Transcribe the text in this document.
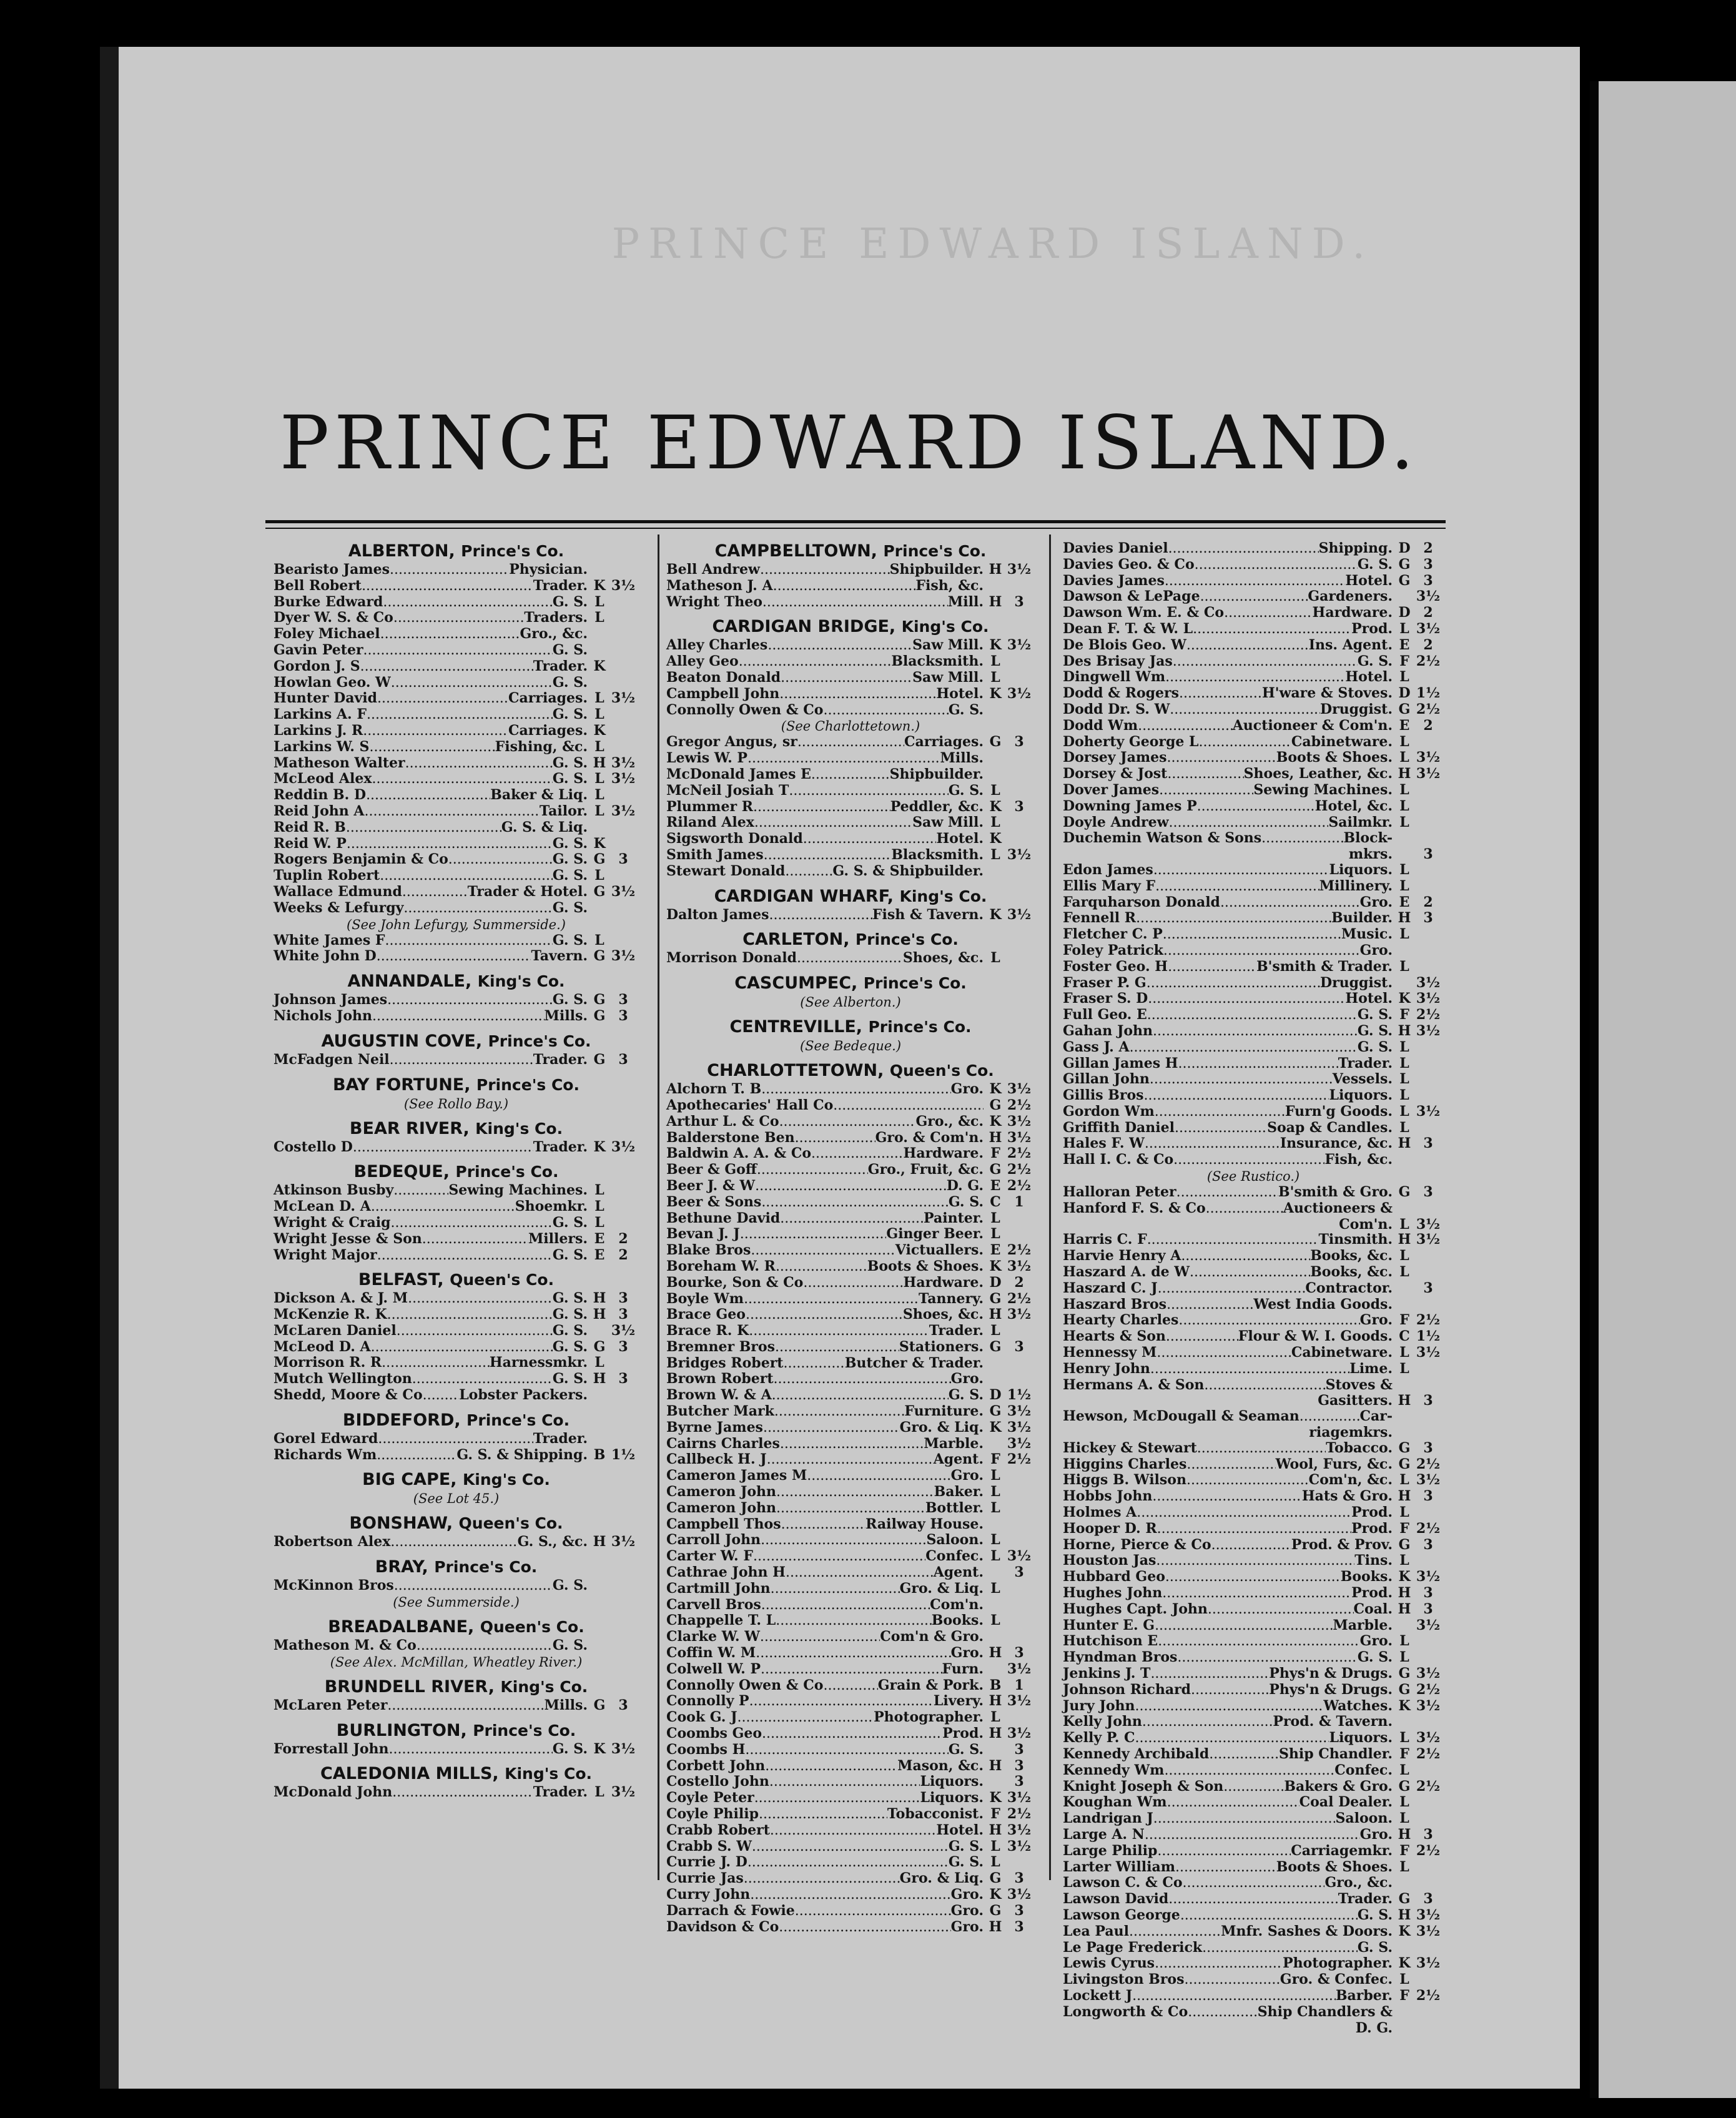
PRINCE EDWARD ISLAND.
PRINCE EDWARD ISLAND.
ALBERTON, Prince's Co.
Bearisto James .....	Physician.
Bell Robert .....	Trader. K 3½
Burke Edward .....	G. S. L
Dyer W. S. & Co .....	Traders. L
Foley Michael .....	Gro., &c.
Gavin Peter .....	G. S.
Gordon J. S .....	Trader. K
Howlan Geo. W .....	G. S.
Hunter David .....	Carriages. L 3½
Larkins A. F .....	G. S. L
Larkins J. R .....	Carriages. K
Larkins W. S .....	Fishing, &c. L
Matheson Walter .....	G. S. H 3½
McLeod Alex .....	G. S. L 3½
Reddin B. D .....	Baker & Liq. L
Reid John A .....	Tailor. L 3½
Reid R. B .....	G. S. & Liq.
Reid W. P .....	G. S. K
Rogers Benjamin & Co .....	G. S. G 3
Tuplin Robert .....	G. S. L
Wallace Edmund .....	Trader & Hotel. G 3½
Weeks & Lefurgy .....	G. S.
(See John Lefurgy, Summerside.)
White James F .....	G. S. L
White John D .....	Tavern. G 3½
ANNANDALE, King's Co.
Johnson James .....	G. S. G 3
Nichols John .....	Mills. G 3
AUGUSTIN COVE, Prince's Co.
McFadgen Neil .....	Trader. G 3
BAY FORTUNE, Prince's Co.
(See Rollo Bay.)
BEAR RIVER, King's Co.
Costello D .....	Trader. K 3½
BEDEQUE, Prince's Co.
Atkinson Busby .....	Sewing Machines. L
McLean D. A .....	Shoemkr. L
Wright & Craig .....	G. S. L
Wright Jesse & Son .....	Millers. E 2
Wright Major .....	G. S. E 2
BELFAST, Queen's Co.
Dickson A. & J. M .....	G. S. H 3
McKenzie R. K .....	G. S. H 3
McLaren Daniel .....	G. S. 3½
McLeod D. A .....	G. S. G 3
Morrison R. R .....	Harnessmkr. L
Mutch Wellington .....	G. S. H 3
Shedd, Moore & Co .....	Lobster Packers.
BIDDEFORD, Prince's Co.
Gorel Edward .....	Trader.
Richards Wm .....	G. S. & Shipping. B 1½
BIG CAPE, King's Co.
(See Lot 45.)
BONSHAW, Queen's Co.
Robertson Alex .....	G. S., &c. H 3½
BRAY, Prince's Co.
McKinnon Bros .....	G. S.
(See Summerside.)
BREADALBANE, Queen's Co.
Matheson M. & Co .....	G. S.
(See Alex. McMillan, Wheatley River.)
BRUNDELL RIVER, King's Co.
McLaren Peter .....	Mills. G 3
BURLINGTON, Prince's Co.
Forrestall John .....	G. S. K 3½
CALEDONIA MILLS, King's Co.
McDonald John .....	Trader. L 3½
CAMPBELLTOWN, Prince's Co.
Bell Andrew .....	Shipbuilder. H 3½
Matheson J. A .....	Fish, &c.
Wright Theo .....	Mill. H 3
CARDIGAN BRIDGE, King's Co.
Alley Charles .....	Saw Mill. K 3½
Alley Geo .....	Blacksmith. L
Beaton Donald .....	Saw Mill. L
Campbell John .....	Hotel. K 3½
Connolly Owen & Co .....	G. S.
(See Charlottetown.)
Gregor Angus, sr .....	Carriages. G 3
Lewis W. P .....	Mills.
McDonald James E .....	Shipbuilder.
McNeil Josiah T .....	G. S. L
Plummer R .....	Peddler, &c. K 3
Riland Alex .....	Saw Mill. L
Sigsworth Donald .....	Hotel. K
Smith James .....	Blacksmith. L 3½
Stewart Donald .....	G. S. & Shipbuilder.
CARDIGAN WHARF, King's Co.
Dalton James .....	Fish & Tavern. K 3½
CARLETON, Prince's Co.
Morrison Donald .....	Shoes, &c. L
CASCUMPEC, Prince's Co.
(See Alberton.)
CENTREVILLE, Prince's Co.
(See Bedeque.)
CHARLOTTETOWN, Queen's Co.
Alchorn T. B .....	Gro. K 3½
Apothecaries' Hall Co .....	G 2½
Arthur L. & Co .....	Gro., &c. K 3½
Balderstone Ben .....	Gro. & Com'n. H 3½
Baldwin A. A. & Co .....	Hardware. F 2½
Beer & Goff .....	Gro., Fruit, &c. G 2½
Beer J. & W .....	D. G. E 2½
Beer & Sons .....	G. S. C 1
Bethune David .....	Painter. L
Bevan J. J .....	Ginger Beer. L
Blake Bros .....	Victuallers. E 2½
Boreham W. R .....	Boots & Shoes. K 3½
Bourke, Son & Co .....	Hardware. D 2
Boyle Wm .....	Tannery. G 2½
Brace Geo .....	Shoes, &c. H 3½
Brace R. K .....	Trader. L
Bremner Bros .....	Stationers. G 3
Bridges Robert .....	Butcher & Trader.
Brown Robert .....	Gro.
Brown W. & A .....	G. S. D 1½
Butcher Mark .....	Furniture. G 3½
Byrne James .....	Gro. & Liq. K 3½
Cairns Charles .....	Marble. 3½
Callbeck H. J .....	Agent. F 2½
Cameron James M .....	Gro. L
Cameron John .....	Baker. L
Cameron John .....	Bottler. L
Campbell Thos .....	Railway House.
Carroll John .....	Saloon. L
Carter W. F .....	Confec. L 3½
Cathrae John H .....	Agent.	3
Cartmill John .....	Gro. & Liq. L
Carvell Bros .....	Com'n.
Chappelle T. L .....	Books. L
Clarke W. W .....	Com'n & Gro.
Coffin W. M .....	Gro. H 3
Colwell W. P .....	Furn. 3½
Connolly Owen & Co .....	Grain & Pork. B 1
Connolly P .....	Livery. H 3½
Cook G. J .....	Photographer. L
Coombs Geo .....	Prod. H 3½
Coombs H .....	G. S.	3
Corbett John .....	Mason, &c. H 3
Costello John .....	Liquors.	3
Coyle Peter .....	Liquors. K 3½
Coyle Philip .....	Tobacconist. F 2½
Crabb Robert .....	Hotel. H 3½
Crabb S. W .....	G. S. L 3½
Currie J. D .....	G. S. L
Currie Jas .....	Gro. & Liq. G 3
Curry John .....	Gro. K 3½
Darrach & Fowie .....	Gro. G 3
Davidson & Co .....	Gro. H 3
Davies Daniel .....	Shipping. D 2
Davies Geo. & Co .....	G. S. G 3
Davies James .....	Hotel. G 3
Dawson & LePage .....	Gardeners. 3½
Dawson Wm. E. & Co .....	Hardware. D 2
Dean F. T. & W. L .....	Prod. L 3½
De Blois Geo. W .....	Ins. Agent. E 2
Des Brisay Jas .....	G. S. F 2½
Dingwell Wm .....	Hotel. L
Dodd & Rogers .....	H'ware & Stoves. D 1½
Dodd Dr. S. W .....	Druggist. G 2½
Dodd Wm .....	Auctioneer & Com'n. E 2
Doherty George L .....	Cabinetware. L
Dorsey James .....	Boots & Shoes. L 3½
Dorsey & Jost .....	Shoes, Leather, &c. H 3½
Dover James .....	Sewing Machines. L
Downing James P .....	Hotel, &c. L
Doyle Andrew .....	Sailmkr. L
Duchemin Watson & Sons .....	Block-
mkrs.	3
Edon James .....	Liquors. L
Ellis Mary F .....	Millinery. L
Farquharson Donald .....	Gro. E 2
Fennell R .....	Builder. H 3
Fletcher C. P .....	Music. L
Foley Patrick .....	Gro.
Foster Geo. H .....	B'smith & Trader. L
Fraser P. G .....	Druggist. 3½
Fraser S. D .....	Hotel. K 3½
Full Geo. E .....	G. S. F 2½
Gahan John .....	G. S. H 3½
Gass J. A .....	G. S. L
Gillan James H .....	Trader. L
Gillan John .....	Vessels. L
Gillis Bros .....	Liquors. L
Gordon Wm .....	Furn'g Goods. L 3½
Griffith Daniel .....	Soap & Candles. L
Hales F. W .....	Insurance, &c. H 3
Hall I. C. & Co .....	Fish, &c.
(See Rustico.)
Halloran Peter .....	B'smith & Gro. G 3
Hanford F. S. & Co .....	Auctioneers &
Com'n. L 3½
Harris C. F .....	Tinsmith. H 3½
Harvie Henry A .....	Books, &c. L
Haszard A. de W .....	Books, &c. L
Haszard C. J .....	Contractor.	3
Haszard Bros .....	West India Goods.
Hearty Charles .....	Gro. F 2½
Hearts & Son .....	Flour & W. I. Goods. C 1½
Hennessy M .....	Cabinetware. L 3½
Henry John .....	Lime. L
Hermans A. & Son .....	Stoves &
Gasitters. H 3
Hewson, McDougall & Seaman .....	Car-
riagemkrs.
Hickey & Stewart .....	Tobacco. G 3
Higgins Charles .....	Wool, Furs, &c. G 2½
Higgs B. Wilson .....	Com'n, &c. L 3½
Hobbs John .....	Hats & Gro. H 3
Holmes A .....	Prod. L
Hooper D. R .....	Prod. F 2½
Horne, Pierce & Co .....	Prod. & Prov. G 3
Houston Jas .....	Tins. L
Hubbard Geo .....	Books. K 3½
Hughes John .....	Prod. H 3
Hughes Capt. John .....	Coal. H 3
Hunter E. G .....	Marble. 3½
Hutchison E .....	Gro. L
Hyndman Bros .....	G. S. L
Jenkins J. T .....	Phys'n & Drugs. G 3½
Johnson Richard .....	Phys'n & Drugs. G 2½
Jury John .....	Watches. K 3½
Kelly John .....	Prod. & Tavern.
Kelly P. C .....	Liquors. L 3½
Kennedy Archibald .....	Ship Chandler. F 2½
Kennedy Wm .....	Confec. L
Knight Joseph & Son .....	Bakers & Gro. G 2½
Koughan Wm .....	Coal Dealer. L
Landrigan J .....	Saloon. L
Large A. N .....	Gro. H 3
Large Philip .....	Carriagemkr. F 2½
Larter William .....	Boots & Shoes. L
Lawson C. & Co .....	Gro., &c.
Lawson David .....	Trader. G 3
Lawson George .....	G. S. H 3½
Lea Paul .....	Mnfr. Sashes & Doors. K 3½
Le Page Frederick .....	G. S.
Lewis Cyrus .....	Photographer. K 3½
Livingston Bros .....	Gro. & Confec. L
Lockett J .....	Barber. F 2½
Longworth & Co .....	Ship Chandlers &
D. G.
